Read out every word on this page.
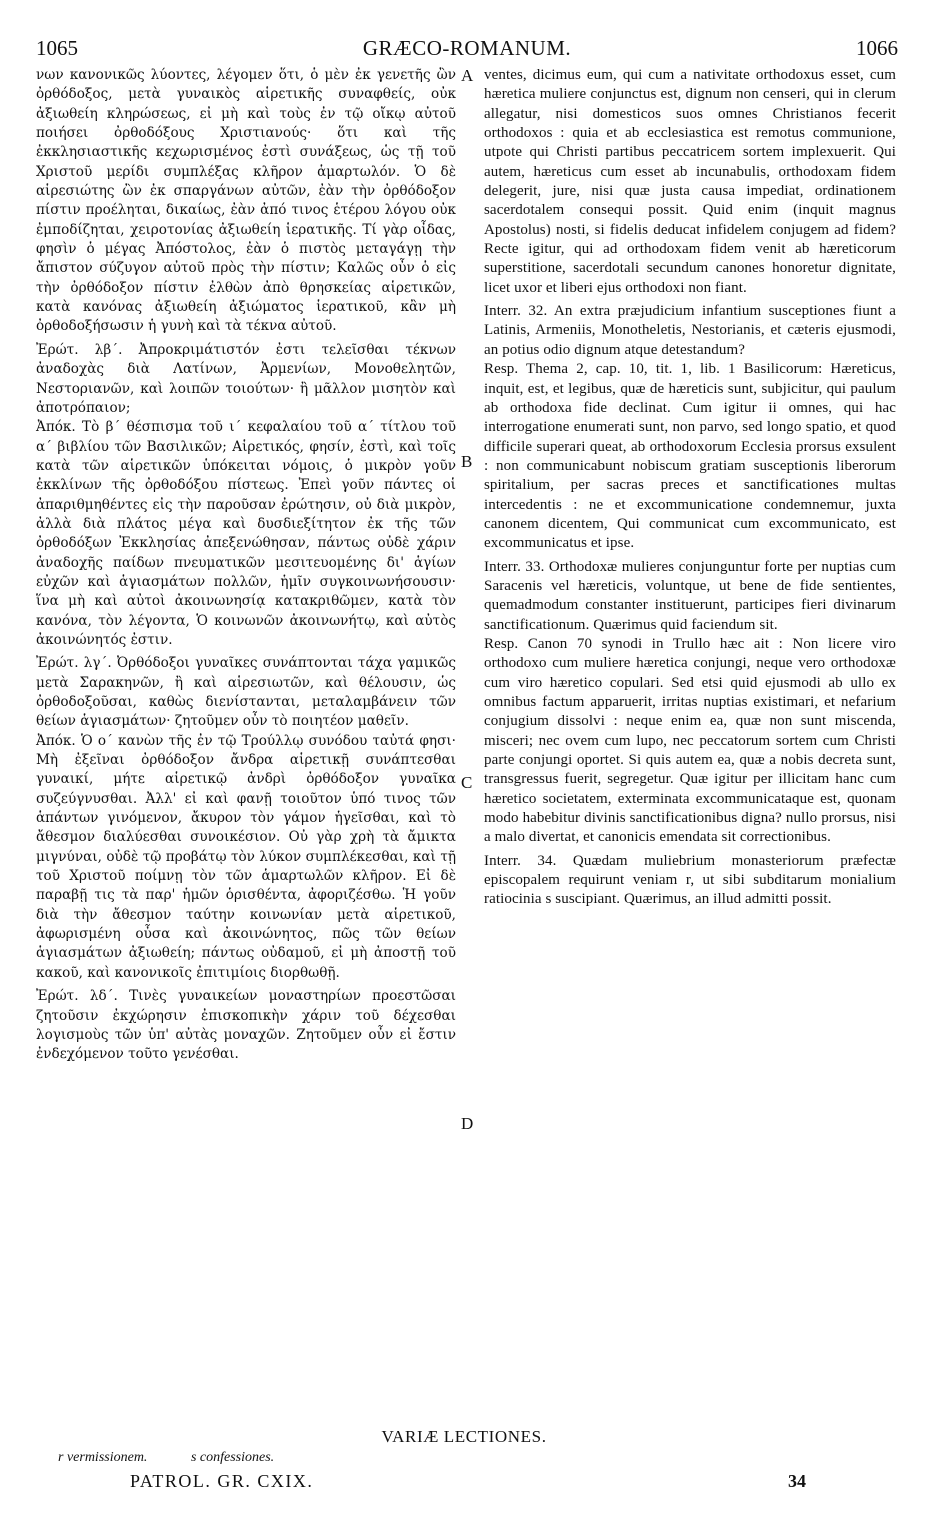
1065	GRÆCO-ROMANUM.	1066

νων κανονικῶς λύοντες, λέγομεν ὅτι, ὁ μὲν ἐκ γενετῆς ὢν ὀρθόδοξος, μετὰ γυναικὸς αἱρετικῆς συναφθείς, οὐκ ἀξιωθείη κληρώσεως, εἰ μὴ καὶ τοὺς ἐν τῷ οἴκῳ αὐτοῦ ποιήσει ὀρθοδόξους Χριστιανούς· ὅτι καὶ τῆς ἐκκλησιαστικῆς κεχωρισμένος ἐστὶ συνάξεως, ὡς τῇ τοῦ Χριστοῦ μερίδι συμπλέξας κλῆρον ἁμαρτωλόν. Ὁ δὲ αἱρεσιώτης ὢν ἐκ σπαργάνων αὐτῶν, ἐὰν τὴν ὀρθόδοξον πίστιν προέληται, δικαίως, ἐὰν ἀπό τινος ἑτέρου λόγου οὐκ ἐμποδίζηται, χειροτονίας ἀξιωθείη ἱερατικῆς. Τί γὰρ οἶδας, φησὶν ὁ μέγας Ἀπόστολος, ἐὰν ὁ πιστὸς μεταγάγῃ τὴν ἄπιστον σύζυγον αὐτοῦ πρὸς τὴν πίστιν; Καλῶς οὖν ὁ εἰς τὴν ὀρθόδοξον πίστιν ἐλθὼν ἀπὸ θρησκείας αἱρετικῶν, κατὰ κανόνας ἀξιωθείη ἀξιώματος ἱερατικοῦ, κἂν μὴ ὀρθοδοξήσωσιν ἡ γυνὴ καὶ τὰ τέκνα αὐτοῦ.

Ἐρώτ. λβ΄. Ἀπροκριμάτιστόν ἐστι τελεῖσθαι τέκνων ἀναδοχὰς διὰ Λατίνων, Ἀρμενίων, Μονοθελητῶν, Νεστοριανῶν, καὶ λοιπῶν τοιούτων· ἢ μᾶλλον μισητὸν καὶ ἀποτρόπαιον;

Ἀπόκ. Τὸ β΄ θέσπισμα τοῦ ι΄ κεφαλαίου τοῦ α΄ τίτλου τοῦ α΄ βιβλίου τῶν Βασιλικῶν; Αἱρετικός, φησίν, ἐστὶ, καὶ τοῖς κατὰ τῶν αἱρετικῶν ὑπόκειται νόμοις, ὁ μικρὸν γοῦν ἐκκλίνων τῆς ὀρθοδόξου πίστεως. Ἐπεὶ γοῦν πάντες οἱ ἀπαριθμηθέντες εἰς τὴν παροῦσαν ἐρώτησιν, οὐ διὰ μικρὸν, ἀλλὰ διὰ πλάτος μέγα καὶ δυσδιεξίτητον ἐκ τῆς τῶν ὀρθοδόξων Ἐκκλησίας ἀπεξενώθησαν, πάντως οὐδὲ χάριν ἀναδοχῆς παίδων πνευματικῶν μεσιτευομένης δι' ἁγίων εὐχῶν καὶ ἁγιασμάτων πολλῶν, ἡμῖν συγκοινωνήσουσιν· ἵνα μὴ καὶ αὐτοὶ ἀκοινωνησίᾳ κατακριθῶμεν, κατὰ τὸν κανόνα, τὸν λέγοντα, Ὁ κοινωνῶν ἀκοινωνήτῳ, καὶ αὐτὸς ἀκοινώνητός ἐστιν.

Ἐρώτ. λγ΄. Ὀρθόδοξοι γυναῖκες συνάπτονται τάχα γαμικῶς μετὰ Σαρακηνῶν, ἢ καὶ αἱρεσιωτῶν, καὶ θέλουσιν, ὡς ὀρθοδοξοῦσαι, καθὼς διενίστανται, μεταλαμβάνειν τῶν θείων ἁγιασμάτων· ζητοῦμεν οὖν τὸ ποιητέον μαθεῖν.

Ἀπόκ. Ὁ ο΄ κανὼν τῆς ἐν τῷ Τρούλλῳ συνόδου ταὐτά φησι· Μὴ ἐξεῖναι ὀρθόδοξον ἄνδρα αἱρετικῇ συνάπτεσθαι γυναικί, μήτε αἱρετικῷ ἀνδρὶ ὀρθόδοξον γυναῖκα συζεύγνυσθαι. Ἀλλ' εἰ καὶ φανῇ τοιοῦτον ὑπό τινος τῶν ἁπάντων γινόμενον, ἄκυρον τὸν γάμον ἡγεῖσθαι, καὶ τὸ ἄθεσμον διαλύεσθαι συνοικέσιον. Οὐ γὰρ χρὴ τὰ ἄμικτα μιγνύναι, οὐδὲ τῷ προβάτῳ τὸν λύκον συμπλέκεσθαι, καὶ τῇ τοῦ Χριστοῦ ποίμνῃ τὸν τῶν ἁμαρτωλῶν κλῆρον. Εἰ δὲ παραβῇ τις τὰ παρ' ἡμῶν ὁρισθέντα, ἀφοριζέσθω. Ἡ γοῦν διὰ τὴν ἄθεσμον ταύτην κοινωνίαν μετὰ αἱρετικοῦ, ἀφωρισμένη οὖσα καὶ ἀκοινώνητος, πῶς τῶν θείων ἁγιασμάτων ἀξιωθείη; πάντως οὐδαμοῦ, εἰ μὴ ἀποστῇ τοῦ κακοῦ, καὶ κανονικοῖς ἐπιτιμίοις διορθωθῇ.

Ἐρώτ. λδ΄. Τινὲς γυναικείων μοναστηρίων προεστῶσαι ζητοῦσιν ἐκχώρησιν ἐπισκοπικὴν χάριν τοῦ δέχεσθαι λογισμοὺς τῶν ὑπ' αὐτὰς μοναχῶν. Ζητοῦμεν οὖν εἰ ἔστιν ἐνδεχόμενον τοῦτο γενέσθαι.

ventes, dicimus eum, qui cum a nativitate orthodoxus esset, cum hæretica muliere conjunctus est, dignum non censeri, qui in clerum allegatur, nisi domesticos suos omnes Christianos fecerit orthodoxos : quia et ab ecclesiastica est remotus communione, utpote qui Christi partibus peccatricem sortem implexuerit. Qui autem, hæreticus cum esset ab incunabulis, orthodoxam fidem delegerit, jure, nisi quæ justa causa impediat, ordinationem sacerdotalem consequi possit. Quid enim (inquit magnus Apostolus) nosti, si fidelis deducat infidelem conjugem ad fidem? Recte igitur, qui ad orthodoxam fidem venit ab hæreticorum superstitione, sacerdotali secundum canones honoretur dignitate, licet uxor et liberi ejus orthodoxi non fiant.

Interr. 32. An extra præjudicium infantium susceptiones fiunt a Latinis, Armeniis, Monotheletis, Nestorianis, et cæteris ejusmodi, an potius odio dignum atque detestandum?

Resp. Thema 2, cap. 10, tit. 1, lib. 1 Basilicorum: Hæreticus, inquit, est, et legibus, quæ de hæreticis sunt, subjicitur, qui paulum ab orthodoxa fide declinat. Cum igitur ii omnes, qui hac interrogatione enumerati sunt, non parvo, sed longo spatio, et quod difficile superari queat, ab orthodoxorum Ecclesia prorsus exsulent : non communicabunt nobiscum gratiam susceptionis liberorum spiritalium, per sacras preces et sanctificationes multas intercedentis : ne et excommunicatione condemnemur, juxta canonem dicentem, Qui communicat cum excommunicato, est excommunicatus et ipse.

Interr. 33. Orthodoxæ mulieres conjunguntur forte per nuptias cum Saracenis vel hæreticis, voluntque, ut bene de fide sentientes, quemadmodum constanter instituerunt, participes fieri divinarum sanctificationum. Quærimus quid faciendum sit.

Resp. Canon 70 synodi in Trullo hæc ait : Non licere viro orthodoxo cum muliere hæretica conjungi, neque vero orthodoxæ cum viro hæretico copulari. Sed etsi quid ejusmodi ab ullo ex omnibus factum apparuerit, irritas nuptias existimari, et nefarium conjugium dissolvi : neque enim ea, quæ non sunt miscenda, misceri; nec ovem cum lupo, nec peccatorum sortem cum Christi parte conjungi oportet. Si quis autem ea, quæ a nobis decreta sunt, transgressus fuerit, segregetur. Quæ igitur per illicitam hanc cum hæretico societatem, exterminata excommunicataque est, quonam modo habebitur divinis sanctificationibus digna? nullo prorsus, nisi a malo divertat, et canonicis emendata sit correctionibus.

Interr. 34. Quædam muliebrium monasteriorum præfectæ episcopalem requirunt veniam r, ut sibi subditarum monialium ratiocinia s suscipiant. Quærimus, an illud admitti possit.

A
B
C
D
VARIÆ LECTIONES.
r vermissionem.	s confessiones.
PATROL. GR. CXIX.	34
